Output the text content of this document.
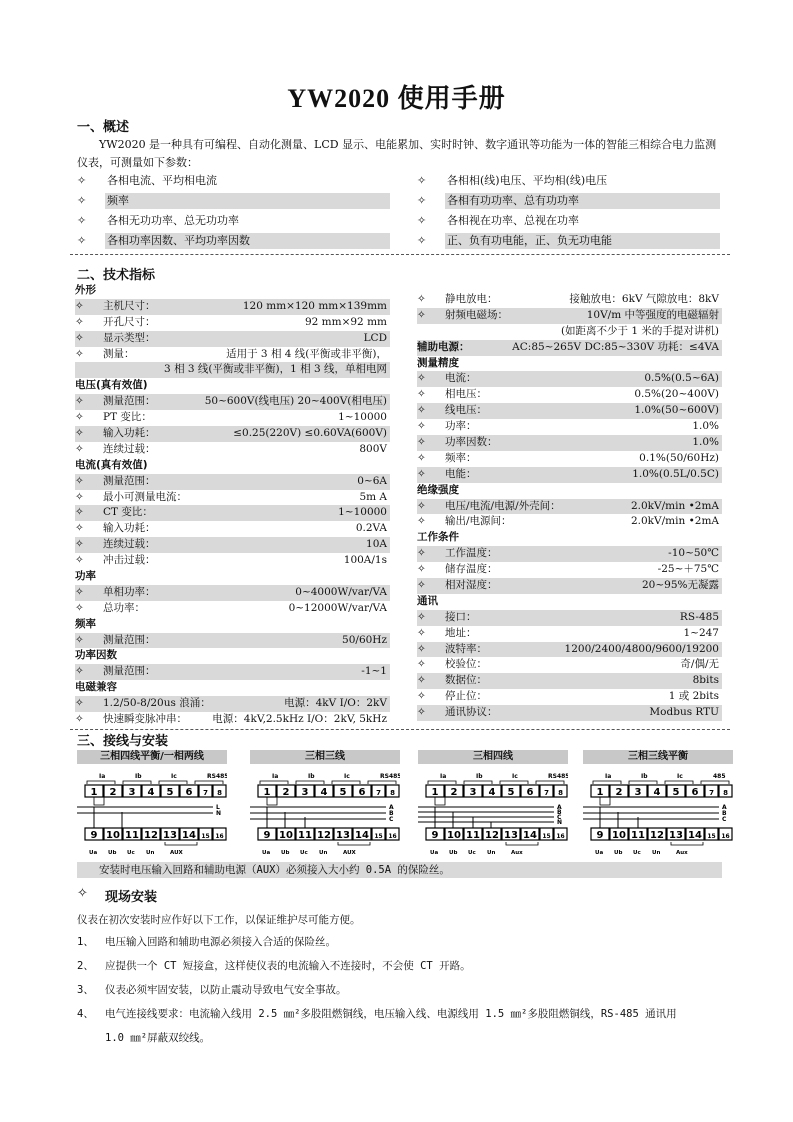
YW2020 使用手册
一、概述
YW2020 是一种具有可编程、自动化测量、LCD 显示、电能累加、实时时钟、数字通讯等功能为一体的智能三相综合电力监测仪表，可测量如下参数：
✧	各相电流、平均相电流	✧	各相相(线)电压、平均相(线)电压
✧	频率	✧	各相有功功率、总有功功率
✧	各相无功功率、总无功功率	✧	各相视在功率、总视在功率
✧	各相功率因数、平均功率因数	✧	正、负有功电能，正、负无功电能
二、技术指标
外形
✧	主机尺寸：	120 mm×120 mm×139mm
✧	开孔尺寸：	92 mm×92 mm
✧	显示类型：	LCD
✧	测量：	适用于 3 相 4 线(平衡或非平衡)，
3 相 3 线(平衡或非平衡)，1 相 3 线，单相电网
电压(真有效值)
✧	测量范围：	50~600V(线电压) 20~400V(相电压)
✧	PT 变比：	1~10000
✧	输入功耗：	≤0.25(220V) ≤0.60VA(600V)
✧	连续过载：	800V
电流(真有效值)
✧	测量范围：	0~6A
✧	最小可测量电流：	5m A
✧	CT 变比：	1~10000
✧	输入功耗：	0.2VA
✧	连续过载：	10A
✧	冲击过载：	100A/1s
功率
✧	单相功率：	0~4000W/var/VA
✧	总功率：	0~12000W/var/VA
频率
✧	测量范围：	50/60Hz
功率因数
✧	测量范围：	-1~1
电磁兼容
✧	1.2/50-8/20us 浪涌：	电源：4kV I/O：2kV
✧	快速瞬变脉冲串：	电源：4kV,2.5kHz I/O：2kV, 5kHz
✧	静电放电：	接触放电：6kV 气隙放电：8kV
✧	射频电磁场：	10V/m 中等强度的电磁辐射
(如距离不少于 1 米的手提对讲机)
辅助电源：	AC:85~265V DC:85~330V 功耗：≤4VA
测量精度
✧	电流：	0.5%(0.5~6A)
✧	相电压：	0.5%(20~400V)
✧	线电压：	1.0%(50~600V)
✧	功率：	1.0%
✧	功率因数：	1.0%
✧	频率：	0.1%(50/60Hz)
✧	电能：	1.0%(0.5L/0.5C)
绝缘强度
✧	电压/电流/电源/外壳间：	2.0kV/min •2mA
✧	输出/电源间：	2.0kV/min •2mA
工作条件
✧	工作温度：	-10~50℃
✧	储存温度：	-25~＋75℃
✧	相对湿度：	20~95%无凝露
通讯
✧	接口：	RS-485
✧	地址：	1~247
✧	波特率：	1200/2400/4800/9600/19200
✧	校验位：	奇/偶/无
✧	数据位：	8bits
✧	停止位：	1 或 2bits
✧	通讯协议：	Modbus RTU
三、接线与安装
三相四线平衡/一相两线
Ia	Ib	Ic	RS485
1 2 3 4 5 6 7 8
L
N
9 10 11 12 13 14 15 16
Ua Ub Uc Un	AUX
三相三线
Ia	Ib	Ic	RS485
1 2 3 4 5 6 7 8
A
B
C
9 10 11 12 13 14 15 16
Ua Ub Uc Un	AUX
三相四线
Ia	Ib	Ic	RS485
1 2 3 4 5 6 7 8
A
B
C
N
9 10 11 12 13 14 15 16
Ua Ub Uc Un	Aux
三相三线平衡
Ia	Ib	Ic	485
1 2 3 4 5 6 7 8
A
B
C
9 10 11 12 13 14 15 16
Ua Ub Uc Un	Aux
安装时电压输入回路和辅助电源（AUX）必须接入大小约 0.5A 的保险丝。
✧	现场安装
仪表在初次安装时应作好以下工作，以保证维护尽可能方便。
1、	电压输入回路和辅助电源必须接入合适的保险丝。
2、	应提供一个 CT 短接盒，这样使仪表的电流输入不连接时，不会使 CT 开路。
3、	仪表必须牢固安装，以防止震动导致电气安全事故。
4、	电气连接线要求：电流输入线用 2.5 ㎜²多股阻燃铜线，电压输入线、电源线用 1.5 ㎜²多股阻燃铜线，RS-485 通讯用
1.0 ㎜²屏蔽双绞线。
